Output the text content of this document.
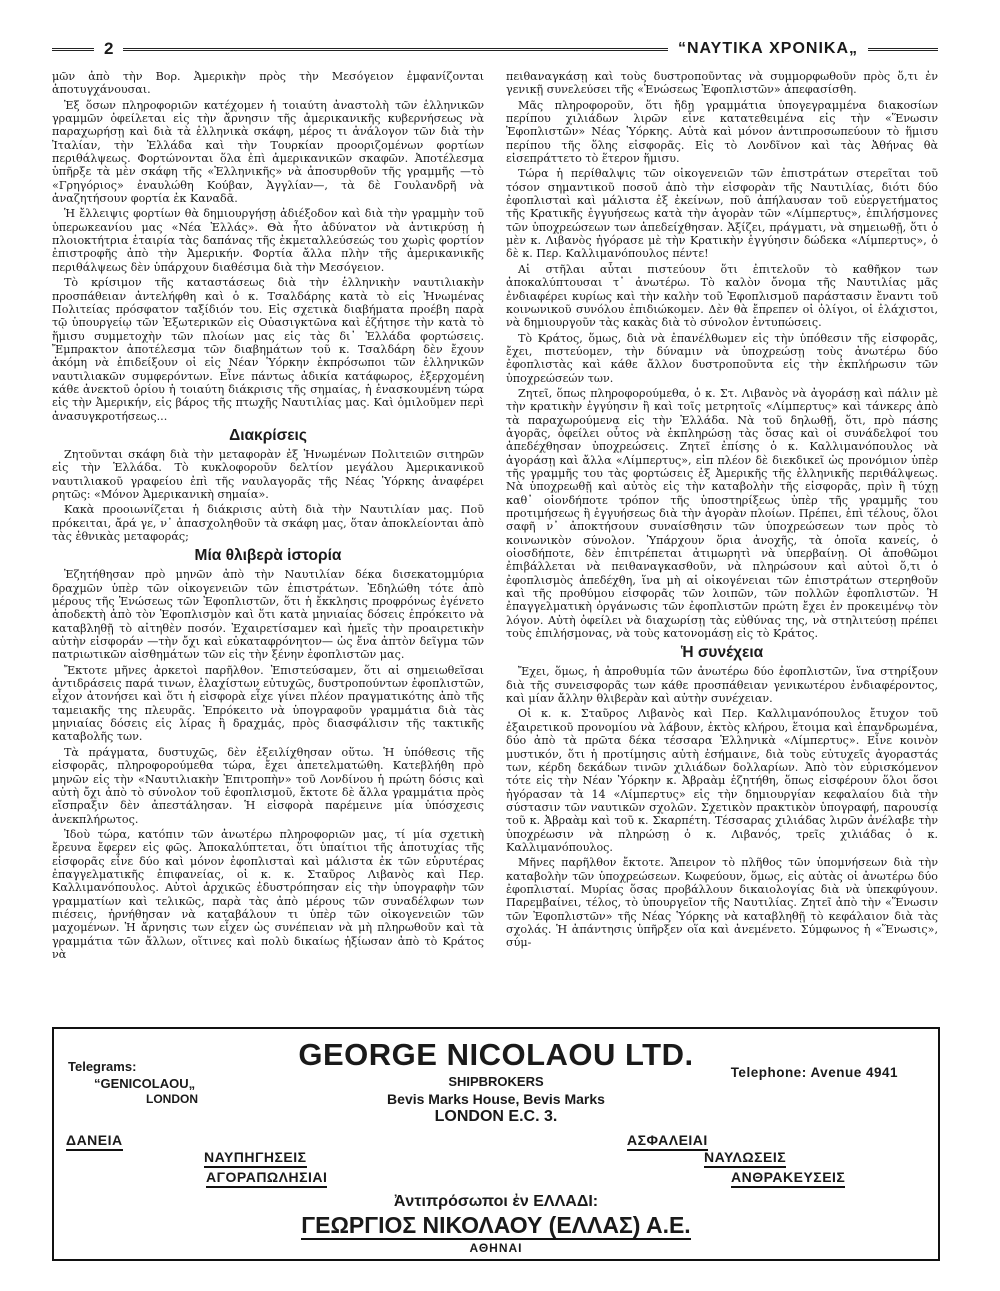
2	“ΝΑΥΤΙΚΑ ΧΡΟΝΙΚΑ„

μῶν ἀπὸ τὴν Βορ. Ἀμερικὴν πρὸς τὴν Μεσόγειον ἐμφανίζονται ἀποτυγχάνουσαι.

Ἐξ ὅσων πληροφοριῶν κατέχομεν ἡ τοιαύτη ἀναστολὴ τῶν ἑλληνικῶν γραμμῶν ὀφείλεται εἰς τὴν ἄρνησιν τῆς ἀμερικανικῆς κυβερνήσεως νὰ παραχωρήσῃ καὶ διὰ τὰ ἑλληνικὰ σκάφη, μέρος τι ἀνάλογον τῶν διὰ τὴν Ἰταλίαν, τὴν Ἑλλάδα καὶ τὴν Τουρκίαν προοριζομένων φορτίων περιθάλψεως. Φορτώνονται ὅλα ἐπὶ ἀμερικανικῶν σκαφῶν. Ἀποτέλεσμα ὑπῆρξε τὰ μὲν σκάφη τῆς «Ἑλληνικῆς» νὰ ἀποσυρθοῦν τῆς γραμμῆς —τὸ «Γρηγόριος» ἐναυλώθη Κούβαν, Ἀγγλίαν—, τὰ δὲ Γουλανδρῆ νὰ ἀναζητήσουν φορτία ἐκ Καναδᾶ.

Ἡ ἔλλειψις φορτίων θὰ δημιουργήσῃ ἀδιέξοδον καὶ διὰ τὴν γραμμὴν τοῦ ὑπερωκεανίου μας «Νέα Ἑλλάς». Θὰ ἦτο ἀδύνατον νὰ ἀντικρύσῃ ἡ πλοιοκτήτρια ἑταιρία τὰς δαπάνας τῆς ἐκμεταλλεύσεώς του χωρὶς φορτίον ἐπιστροφῆς ἀπὸ τὴν Ἀμερικήν. Φορτία ἄλλα πλὴν τῆς ἀμερικανικῆς περιθάλψεως δὲν ὑπάρχουν διαθέσιμα διὰ τὴν Μεσόγειον.

Τὸ κρίσιμον τῆς καταστάσεως διὰ τὴν ἑλληνικὴν ναυτιλιακὴν προσπάθειαν ἀντελήφθη καὶ ὁ κ. Τσαλδάρης κατὰ τὸ εἰς Ἡνωμένας Πολιτείας πρόσφατον ταξίδιόν του. Εἰς σχετικὰ διαβήματα προέβη παρὰ τῷ ὑπουργείῳ τῶν Ἐξωτερικῶν εἰς Οὐασιγκτῶνα καὶ ἐζήτησε τὴν κατὰ τὸ ἥμισυ συμμετοχὴν τῶν πλοίων μας εἰς τὰς δι᾽ Ἑλλάδα φορτώσεις. Ἔμπρακτον ἀποτέλεσμα τῶν διαβημάτων τοῦ κ. Τσαλδάρη δὲν ἔχουν ἀκόμη νὰ ἐπιδείξουν οἱ εἰς Νέαν Ὑόρκην ἐκπρόσωποι τῶν ἑλληνικῶν ναυτιλιακῶν συμφερόντων. Εἶνε πάντως ἀδικία κατάφωρος, ἐξερχομένη κάθε ἀνεκτοῦ ὁρίου ἡ τοιαύτη διάκρισις τῆς σημαίας, ἡ ἐνασκουμένη τώρα εἰς τὴν Ἀμερικήν, εἰς βάρος τῆς πτωχῆς Ναυτιλίας μας. Καὶ ὁμιλοῦμεν περὶ ἀνασυγκροτήσεως...

Διακρίσεις

Ζητοῦνται σκάφη διὰ τὴν μεταφορὰν ἐξ Ἡνωμένων Πολιτειῶν σιτηρῶν εἰς τὴν Ἑλλάδα. Τὸ κυκλοφοροῦν δελτίον μεγάλου Ἀμερικανικοῦ ναυτιλιακοῦ γραφείου ἐπὶ τῆς ναυλαγορᾶς τῆς Νέας Ὑόρκης ἀναφέρει ρητῶς: «Μόνον Ἀμερικανικὴ σημαία».

Κακὰ προοιωνίζεται ἡ διάκρισις αὐτὴ διὰ τὴν Ναυτιλίαν μας. Ποῦ πρόκειται, ἄρά γε, ν᾽ ἀπασχοληθοῦν τὰ σκάφη μας, ὅταν ἀποκλείονται ἀπὸ τὰς ἐθνικὰς μεταφοράς;

Μία θλιβερὰ ἱστορία

Ἐζητήθησαν πρὸ μηνῶν ἀπὸ τὴν Ναυτιλίαν δέκα δισεκατομμύρια δραχμῶν ὑπὲρ τῶν οἰκογενειῶν τῶν ἐπιστράτων. Ἐδηλώθη τότε ἀπὸ μέρους τῆς Ἑνώσεως τῶν Ἐφοπλιστῶν, ὅτι ἡ ἔκκλησις προφρόνως ἐγένετο ἀποδεκτὴ ἀπὸ τὸν Ἐφοπλισμὸν καὶ ὅτι κατὰ μηνιαίας δόσεις ἐπρόκειτο νὰ καταβληθῇ τὸ αἰτηθὲν ποσόν. Ἐχαιρετίσαμεν καὶ ἡμεῖς τὴν προαιρετικὴν αὐτὴν εἰσφοράν —τὴν ὄχι καὶ εὐκαταφρόνητον— ὡς ἕνα ἀπτὸν δεῖγμα τῶν πατριωτικῶν αἰσθημάτων τῶν εἰς τὴν ξένην ἐφοπλιστῶν μας.

Ἔκτοτε μῆνες ἀρκετοὶ παρῆλθον. Ἐπιστεύσαμεν, ὅτι αἱ σημειωθεῖσαι ἀντιδράσεις παρά τινων, ἐλαχίστων εὐτυχῶς, δυστροπούντων ἐφοπλιστῶν, εἶχον ἀτονήσει καὶ ὅτι ἡ εἰσφορὰ εἶχε γίνει πλέον πραγματικότης ἀπὸ τῆς ταμειακῆς της πλευρᾶς. Ἐπρόκειτο νὰ ὑπογραφοῦν γραμμάτια διὰ τὰς μηνιαίας δόσεις εἰς λίρας ἢ δραχμάς, πρὸς διασφάλισιν τῆς τακτικῆς καταβολῆς των.

Τὰ πράγματα, δυστυχῶς, δὲν ἐξειλίχθησαν οὕτω. Ἡ ὑπόθεσις τῆς εἰσφορᾶς, πληροφορούμεθα τώρα, ἔχει ἀπετελματώθη. Κατεβλήθη πρὸ μηνῶν εἰς τὴν «Ναυτιλιακὴν Ἐπιτροπὴν» τοῦ Λονδίνου ἡ πρώτη δόσις καὶ αὐτὴ ὄχι ἀπὸ τὸ σύνολον τοῦ ἐφοπλισμοῦ, ἔκτοτε δὲ ἄλλα γραμμάτια πρὸς εἴσπραξιν δὲν ἀπεστάλησαν. Ἡ εἰσφορὰ παρέμεινε μία ὑπόσχεσις ἀνεκπλήρωτος.

Ἰδοὺ τώρα, κατόπιν τῶν ἀνωτέρω πληροφοριῶν μας, τί μία σχετικὴ ἔρευνα ἔφερεν εἰς φῶς. Ἀποκαλύπτεται, ὅτι ὑπαίτιοι τῆς ἀποτυχίας τῆς εἰσφορᾶς εἶνε δύο καὶ μόνον ἐφοπλισταὶ καὶ μάλιστα ἐκ τῶν εὐρυτέρας ἐπαγγελματικῆς ἐπιφανείας, οἱ κ. κ. Σταῦρος Λιβανὸς καὶ Περ. Καλλιμανόπουλος. Αὐτοὶ ἀρχικῶς ἐδυστρόπησαν εἰς τὴν ὑπογραφὴν τῶν γραμματίων καὶ τελικῶς, παρὰ τὰς ἀπὸ μέρους τῶν συναδέλφων των πιέσεις, ἠρνήθησαν νὰ καταβάλουν τι ὑπὲρ τῶν οἰκογενειῶν τῶν μαχομένων. Ἡ ἄρνησις των εἶχεν ὡς συνέπειαν νὰ μὴ πληρωθοῦν καὶ τὰ γραμμάτια τῶν ἄλλων, οἵτινες καὶ πολὺ δικαίως ἠξίωσαν ἀπὸ τὸ Κράτος νὰ

πειθαναγκάσῃ καὶ τοὺς δυστροποῦντας νὰ συμμορφωθοῦν πρὸς ὅ,τι ἐν γενικῇ συνελεύσει τῆς «Ἑνώσεως Ἐφοπλιστῶν» ἀπεφασίσθη.

Μᾶς πληροφοροῦν, ὅτι ἤδη γραμμάτια ὑπογεγραμμένα διακοσίων περίπου χιλιάδων λιρῶν εἶνε κατατεθειμένα εἰς τὴν «Ἕνωσιν Ἐφοπλιστῶν» Νέας Ὑόρκης. Αὐτὰ καὶ μόνον ἀντιπροσωπεύουν τὸ ἥμισυ περίπου τῆς ὅλης εἰσφορᾶς. Εἰς τὸ Λονδῖνον καὶ τὰς Ἀθήνας θὰ εἰσεπράττετο τὸ ἕτερον ἥμισυ.

Τώρα ἡ περίθαλψις τῶν οἰκογενειῶν τῶν ἐπιστράτων στερεῖται τοῦ τόσον σημαντικοῦ ποσοῦ ἀπὸ τὴν εἰσφορὰν τῆς Ναυτιλίας, διότι δύο ἐφοπλισταὶ καὶ μάλιστα ἐξ ἐκείνων, ποῦ ἀπήλαυσαν τοῦ εὐεργετήματος τῆς Κρατικῆς ἐγγυήσεως κατὰ τὴν ἀγορὰν τῶν «Λίμπερτυς», ἐπιλήσμονες τῶν ὑποχρεώσεων των ἀπεδείχθησαν. Ἀξίζει, πράγματι, νὰ σημειωθῇ, ὅτι ὁ μὲν κ. Λιβανὸς ἠγόρασε μὲ τὴν Κρατικὴν ἐγγύησιν δώδεκα «Λίμπερτυς», ὁ δὲ κ. Περ. Καλλιμανόπουλος πέντε!

Αἱ στῆλαι αὗται πιστεύουν ὅτι ἐπιτελοῦν τὸ καθῆκον των ἀποκαλύπτουσαι τ᾽ ἀνωτέρω. Τὸ καλὸν ὄνομα τῆς Ναυτιλίας μᾶς ἐνδιαφέρει κυρίως καὶ τὴν καλὴν τοῦ Ἐφοπλισμοῦ παράστασιν ἔναντι τοῦ κοινωνικοῦ συνόλου ἐπιδιώκομεν. Δὲν θὰ ἔπρεπεν οἱ ὀλίγοι, οἱ ἐλάχιστοι, νὰ δημιουργοῦν τὰς κακὰς διὰ τὸ σύνολον ἐντυπώσεις.

Τὸ Κράτος, ὅμως, διὰ νὰ ἐπανέλθωμεν εἰς τὴν ὑπόθεσιν τῆς εἰσφορᾶς, ἔχει, πιστεύομεν, τὴν δύναμιν νὰ ὑποχρεώσῃ τοὺς ἀνωτέρω δύο ἐφοπλιστὰς καὶ κάθε ἄλλον δυστροποῦντα εἰς τὴν ἐκπλήρωσιν τῶν ὑποχρεώσεών των.

Ζητεῖ, ὅπως πληροφορούμεθα, ὁ κ. Στ. Λιβανὸς νὰ ἀγοράσῃ καὶ πάλιν μὲ τὴν κρατικὴν ἐγγύησιν ἢ καὶ τοῖς μετρητοῖς «Λίμπερτυς» καὶ τάνκερς ἀπὸ τὰ παραχωρούμενα εἰς τὴν Ἑλλάδα. Νὰ τοῦ δηλωθῇ, ὅτι, πρὸ πάσης ἀγορᾶς, ὀφείλει οὗτος νὰ ἐκπληρώσῃ τὰς ὅσας καὶ οἱ συνάδελφοί του ἀπεδέχθησαν ὑποχρεώσεις. Ζητεῖ ἐπίσης ὁ κ. Καλλιμανόπουλος νὰ ἀγοράσῃ καὶ ἄλλα «Λίμπερτυς», εἰπ πλέον δὲ διεκδικεῖ ὡς προνόμιον ὑπὲρ τῆς γραμμῆς του τὰς φορτώσεις ἐξ Ἀμερικῆς τῆς ἑλληνικῆς περιθάλψεως. Νὰ ὑποχρεωθῇ καὶ αὐτὸς εἰς τὴν καταβολὴν τῆς εἰσφορᾶς, πρὶν ἢ τύχῃ καθ᾽ οἱονδήποτε τρόπον τῆς ὑποστηρίξεως ὑπὲρ τῆς γραμμῆς του προτιμήσεως ἢ ἐγγυήσεως διὰ τὴν ἀγορὰν πλοίων. Πρέπει, ἐπὶ τέλους, ὅλοι σαφῆ ν᾽ ἀποκτήσουν συναίσθησιν τῶν ὑποχρεώσεων των πρὸς τὸ κοινωνικὸν σύνολον. Ὑπάρχουν ὅρια ἀνοχῆς, τὰ ὁποῖα κανείς, ὁ οἱοσδήποτε, δὲν ἐπιτρέπεται ἀτιμωρητὶ νὰ ὑπερβαίνῃ. Οἱ ἀποθῶμοι ἐπιβάλλεται νὰ πειθαναγκασθοῦν, νὰ πληρώσουν καὶ αὐτοὶ ὅ,τι ὁ ἐφοπλισμὸς ἀπεδέχθη, ἵνα μὴ αἱ οἰκογένειαι τῶν ἐπιστράτων στερηθοῦν καὶ τῆς προθύμου εἰσφορᾶς τῶν λοιπῶν, τῶν πολλῶν ἐφοπλιστῶν. Ἡ ἐπαγγελματικὴ ὀργάνωσις τῶν ἐφοπλιστῶν πρώτη ἔχει ἐν προκειμένῳ τὸν λόγον. Αὐτὴ ὀφείλει νὰ διαχωρίσῃ τὰς εὐθύνας της, νὰ στηλιτεύσῃ πρέπει τοὺς ἐπιλήσμονας, νὰ τοὺς κατονομάσῃ εἰς τὸ Κράτος.

Ἡ συνέχεια

Ἔχει, ὅμως, ἡ ἀπροθυμία τῶν ἀνωτέρω δύο ἐφοπλιστῶν, ἵνα στηρίξουν διὰ τῆς συνεισφορᾶς των κάθε προσπάθειαν γενικωτέρου ἐνδιαφέροντος, καὶ μίαν ἄλλην θλιβερὰν καὶ αὐτὴν συνέχειαν.

Οἱ κ. κ. Σταῦρος Λιβανὸς καὶ Περ. Καλλιμανόπουλος ἔτυχον τοῦ ἐξαιρετικοῦ προνομίου νὰ λάβουν, ἐκτὸς κλήρου, ἕτοιμα καὶ ἐπανδρωμένα, δύο ἀπὸ τὰ πρῶτα δέκα τέσσαρα Ἑλληνικὰ «Λίμπερτυς». Εἶνε κοινὸν μυστικόν, ὅτι ἡ προτίμησις αὐτὴ ἐσήμαινε, διὰ τοὺς εὐτυχεῖς ἀγοραστάς των, κέρδη δεκάδων τινῶν χιλιάδων δολλαρίων. Ἀπὸ τὸν εὐρισκόμενον τότε εἰς τὴν Νέαν Ὑόρκην κ. Ἀβραὰμ ἐζητήθη, ὅπως εἰσφέρουν ὅλοι ὅσοι ἠγόρασαν τὰ 14 «Λίμπερτυς» εἰς τὴν δημιουργίαν κεφαλαίου διὰ τὴν σύστασιν τῶν ναυτικῶν σχολῶν. Σχετικὸν πρακτικὸν ὑπογραφή, παρουσίᾳ τοῦ κ. Ἀβραὰμ καὶ τοῦ κ. Σκαρπέτη. Τέσσαρας χιλιάδας λιρῶν ἀνέλαβε τὴν ὑποχρέωσιν νὰ πληρώσῃ ὁ κ. Λιβανός, τρεῖς χιλιάδας ὁ κ. Καλλιμανόπουλος.

Μῆνες παρῆλθον ἔκτοτε. Ἄπειρον τὸ πλῆθος τῶν ὑπομνήσεων διὰ τὴν καταβολὴν τῶν ὑποχρεώσεων. Κωφεύουν, ὅμως, εἰς αὐτὰς οἱ ἀνωτέρω δύο ἐφοπλισταί. Μυρίας ὅσας προβάλλουν δικαιολογίας διὰ νὰ ὑπεκφύγουν. Παρεμβαίνει, τέλος, τὸ ὑπουργεῖον τῆς Ναυτιλίας. Ζητεῖ ἀπὸ τὴν «Ἕνωσιν τῶν Ἐφοπλιστῶν» τῆς Νέας Ὑόρκης νὰ καταβληθῇ τὸ κεφάλαιον διὰ τὰς σχολάς. Ἡ ἀπάντησις ὑπῆρξεν οἵα καὶ ἀνεμένετο. Σύμφωνος ἡ «Ἕνωσις», σύμ-

GEORGE NICOLAOU LTD.
Telegrams:
“GENICOLAOU„
LONDON
Telephone: Avenue 4941
SHIPBROKERS
Bevis Marks House, Bevis Marks
LONDON E.C. 3.
ΔΑΝΕΙΑ
ΝΑΥΠΗΓΗΣΕΙΣ
ΑΓΟΡΑΠΩΛΗΣΙΑΙ
ΑΣΦΑΛΕΙΑΙ
ΝΑΥΛΩΣΕΙΣ
ΑΝΘΡΑΚΕΥΣΕΙΣ
Ἀντιπρόσωποι ἐν ΕΛΛΑΔΙ:
ΓΕΩΡΓΙΟΣ ΝΙΚΟΛΑΟΥ (ΕΛΛΑΣ) Α.Ε.
ΑΘΗΝΑΙ
